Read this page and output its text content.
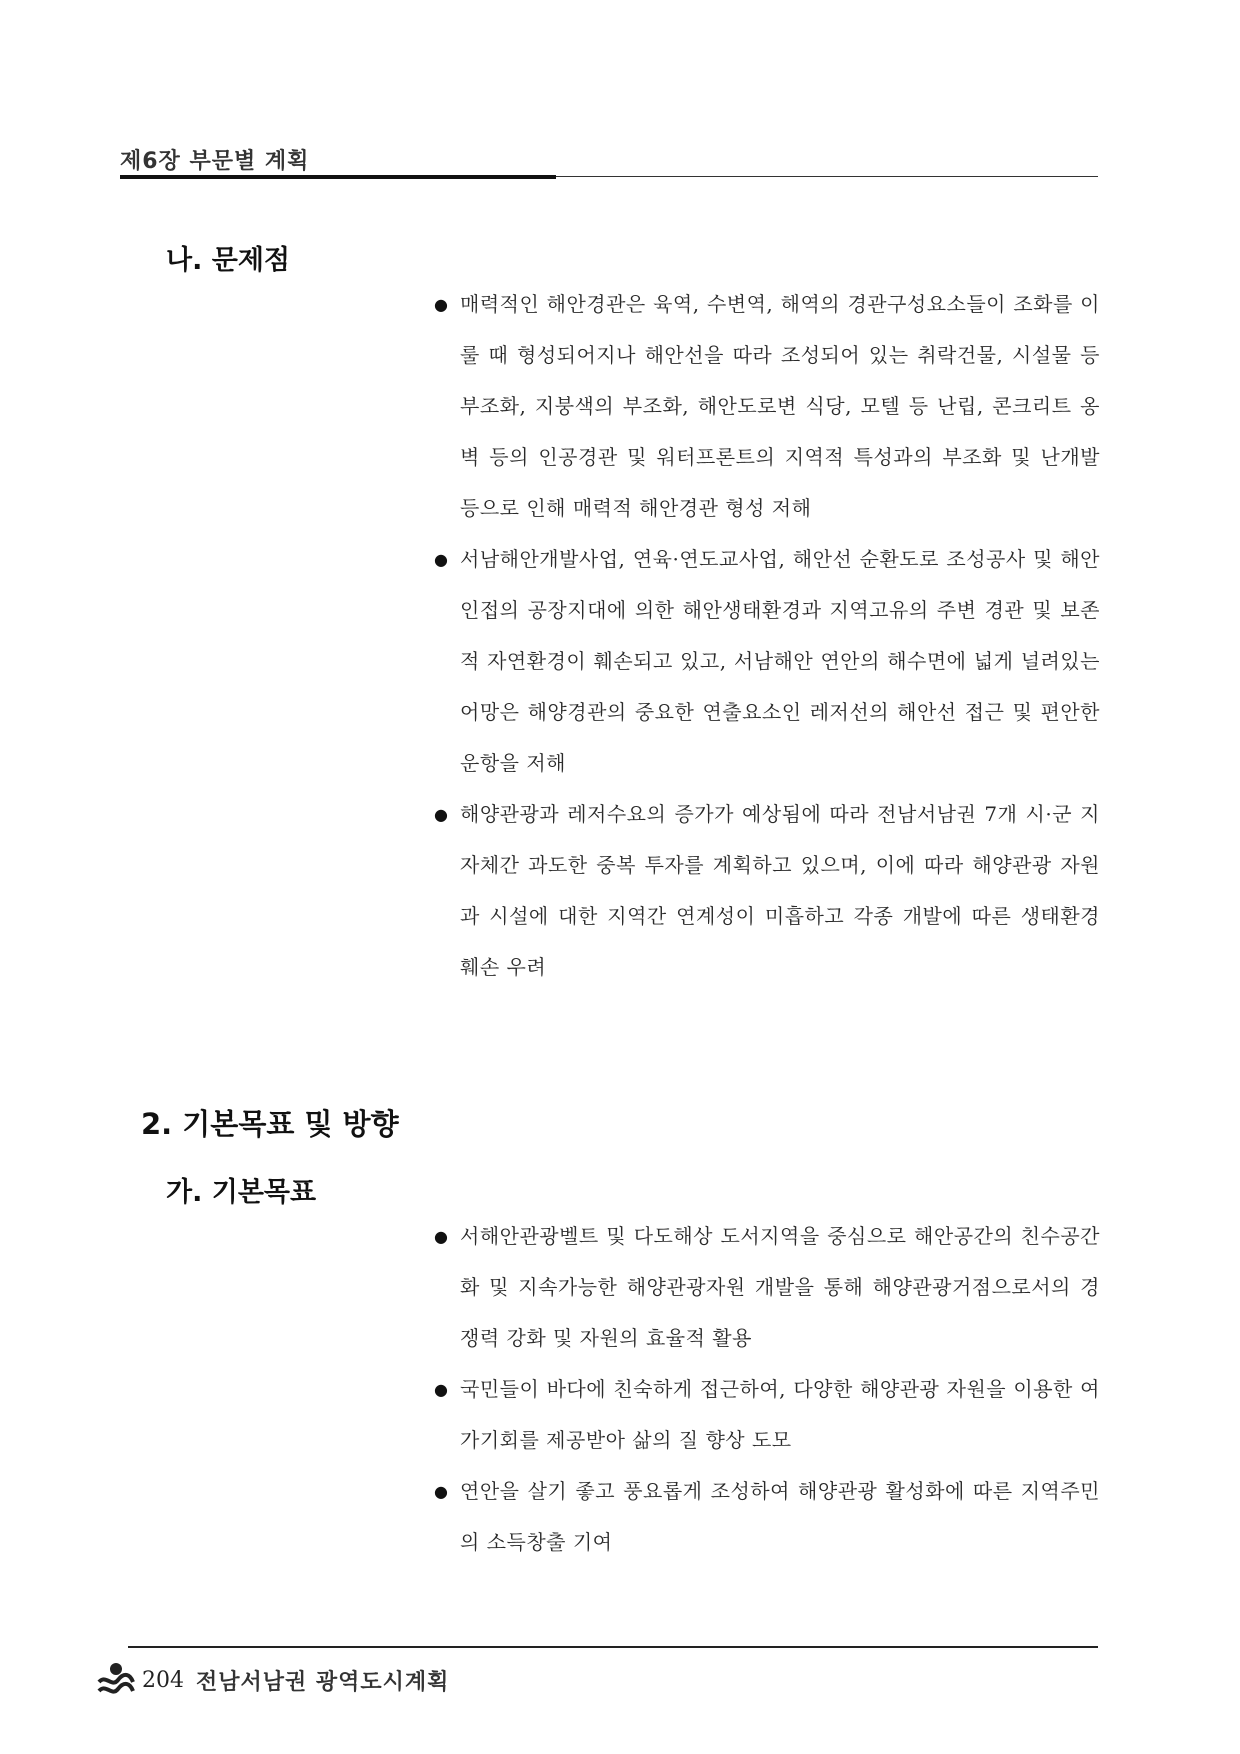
제6장 부문별 계획
나. 문제점
● 매력적인 해안경관은 육역, 수변역, 해역의 경관구성요소들이 조화를 이룰 때 형성되어지나 해안선을 따라 조성되어 있는 취락건물, 시설물 등 부조화, 지붕색의 부조화, 해안도로변 식당, 모텔 등 난립, 콘크리트 옹벽 등의 인공경관 및 워터프론트의 지역적 특성과의 부조화 및 난개발 등으로 인해 매력적 해안경관 형성 저해
● 서남해안개발사업, 연육·연도교사업, 해안선 순환도로 조성공사 및 해안 인접의 공장지대에 의한 해안생태환경과 지역고유의 주변 경관 및 보존적 자연환경이 훼손되고 있고, 서남해안 연안의 해수면에 넓게 널려있는 어망은 해양경관의 중요한 연출요소인 레저선의 해안선 접근 및 편안한 운항을 저해
● 해양관광과 레저수요의 증가가 예상됨에 따라 전남서남권 7개 시·군 지자체간 과도한 중복 투자를 계획하고 있으며, 이에 따라 해양관광 자원과 시설에 대한 지역간 연계성이 미흡하고 각종 개발에 따른 생태환경 훼손 우려
2. 기본목표 및 방향
가. 기본목표
● 서해안관광벨트 및 다도해상 도서지역을 중심으로 해안공간의 친수공간화 및 지속가능한 해양관광자원 개발을 통해 해양관광거점으로서의 경쟁력 강화 및 자원의 효율적 활용
● 국민들이 바다에 친숙하게 접근하여, 다양한 해양관광 자원을 이용한 여가기회를 제공받아 삶의 질 향상 도모
● 연안을 살기 좋고 풍요롭게 조성하여 해양관광 활성화에 따른 지역주민의 소득창출 기여
204 전남서남권 광역도시계획
